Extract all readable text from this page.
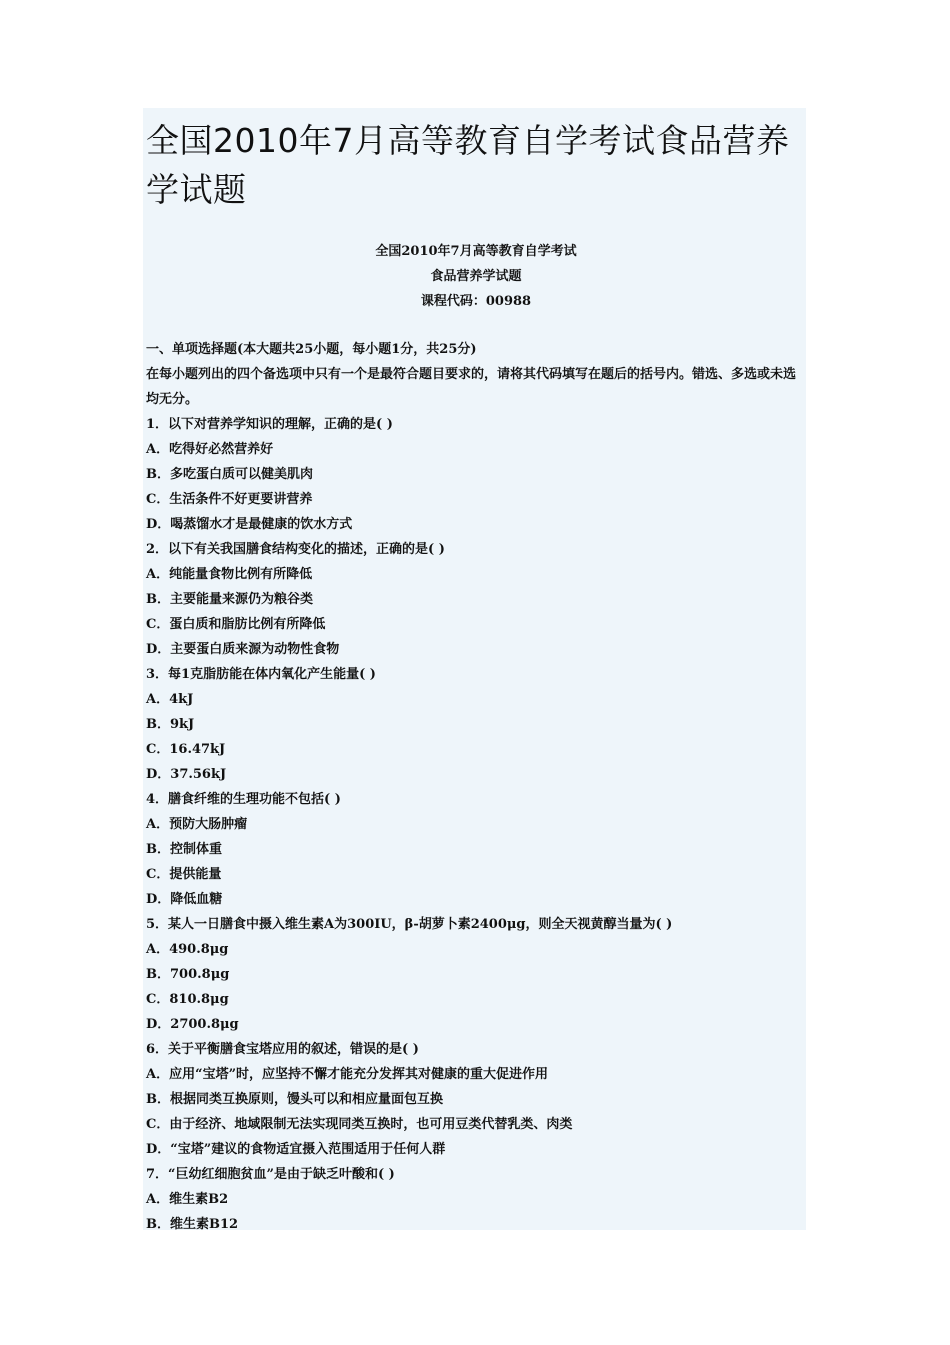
全国2010年7月高等教育自学考试食品营养学试题
全国2010年7月高等教育自学考试
食品营养学试题
课程代码：00988
一、单项选择题(本大题共25小题，每小题1分，共25分)
在每小题列出的四个备选项中只有一个是最符合题目要求的，请将其代码填写在题后的括号内。错选、多选或未选均无分。
1．以下对营养学知识的理解，正确的是( )
A．吃得好必然营养好
B．多吃蛋白质可以健美肌肉
C．生活条件不好更要讲营养
D．喝蒸馏水才是最健康的饮水方式
2．以下有关我国膳食结构变化的描述，正确的是( )
A．纯能量食物比例有所降低
B．主要能量来源仍为粮谷类
C．蛋白质和脂肪比例有所降低
D．主要蛋白质来源为动物性食物
3．每1克脂肪能在体内氧化产生能量( )
A．4kJ
B．9kJ
C．16.47kJ
D．37.56kJ
4．膳食纤维的生理功能不包括( )
A．预防大肠肿瘤
B．控制体重
C．提供能量
D．降低血糖
5．某人一日膳食中摄入维生素A为300IU，β-胡萝卜素2400μg，则全天视黄醇当量为( )
A．490.8μg
B．700.8μg
C．810.8μg
D．2700.8μg
6．关于平衡膳食宝塔应用的叙述，错误的是( )
A．应用“宝塔”时，应坚持不懈才能充分发挥其对健康的重大促进作用
B．根据同类互换原则，馒头可以和相应量面包互换
C．由于经济、地域限制无法实现同类互换时，也可用豆类代替乳类、肉类
D．“宝塔”建议的食物适宜摄入范围适用于任何人群
7．“巨幼红细胞贫血”是由于缺乏叶酸和( )
A．维生素B2
B．维生素B12
